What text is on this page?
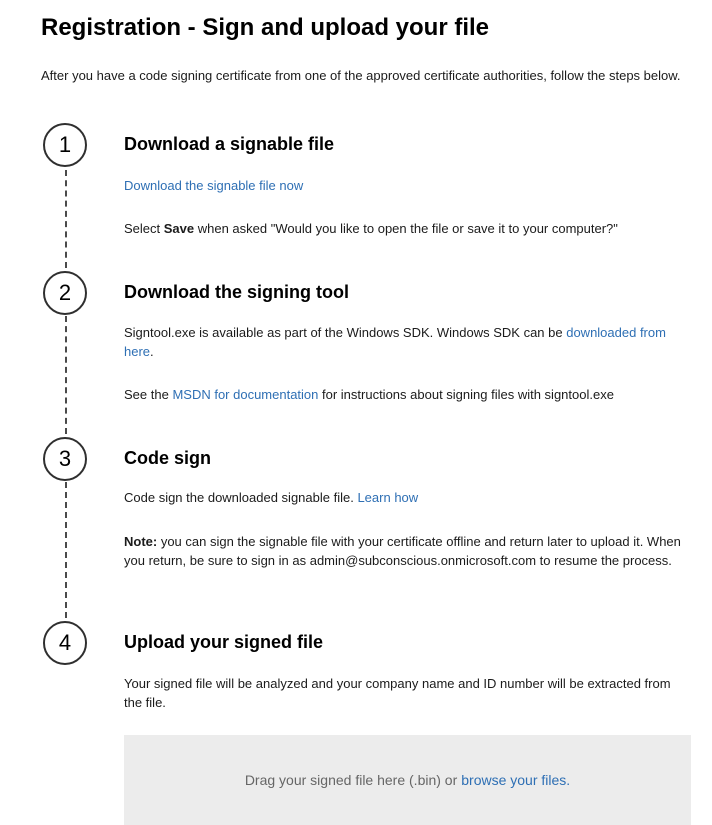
Registration - Sign and upload your file

After you have a code signing certificate from one of the approved certificate authorities, follow the steps below.

1	Download a signable file

Download the signable file now

Select Save when asked "Would you like to open the file or save it to your computer?"

2	Download the signing tool

Signtool.exe is available as part of the Windows SDK. Windows SDK can be downloaded from here.

See the MSDN for documentation for instructions about signing files with signtool.exe

3	Code sign

Code sign the downloaded signable file. Learn how

Note: you can sign the signable file with your certificate offline and return later to upload it. When you return, be sure to sign in as admin@subconscious.onmicrosoft.com to resume the process.

4	Upload your signed file

Your signed file will be analyzed and your company name and ID number will be extracted from the file.

Drag your signed file here (.bin) or browse your files.
